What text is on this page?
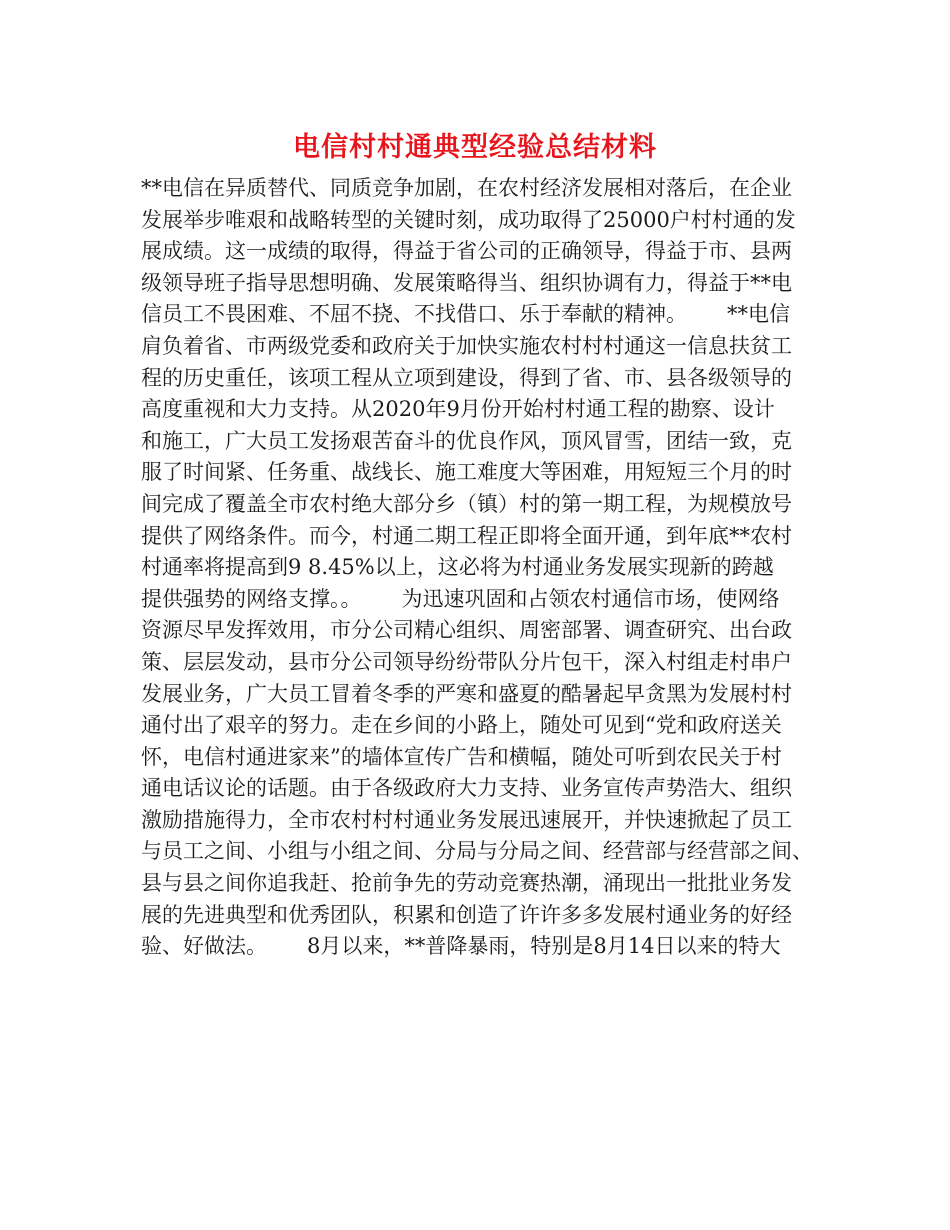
电信村村通典型经验总结材料
**电信在异质替代、同质竞争加剧，在农村经济发展相对落后，在企业
发展举步唯艰和战略转型的关键时刻，成功取得了25000户村村通的发
展成绩。这一成绩的取得，得益于省公司的正确领导，得益于市、县两
级领导班子指导思想明确、发展策略得当、组织协调有力，得益于**电
信员工不畏困难、不屈不挠、不找借口、乐于奉献的精神。      **电信
肩负着省、市两级党委和政府关于加快实施农村村村通这一信息扶贫工
程的历史重任，该项工程从立项到建设，得到了省、市、县各级领导的
高度重视和大力支持。从2020年9月份开始村村通工程的勘察、设计
和施工，广大员工发扬艰苦奋斗的优良作风，顶风冒雪，团结一致，克
服了时间紧、任务重、战线长、施工难度大等困难，用短短三个月的时
间完成了覆盖全市农村绝大部分乡（镇）村的第一期工程，为规模放号
提供了网络条件。而今，村通二期工程正即将全面开通，到年底**农村
村通率将提高到9 8.45%以上，这必将为村通业务发展实现新的跨越
提供强势的网络支撑。。      为迅速巩固和占领农村通信市场，使网络
资源尽早发挥效用，市分公司精心组织、周密部署、调查研究、出台政
策、层层发动，县市分公司领导纷纷带队分片包干，深入村组走村串户
发展业务，广大员工冒着冬季的严寒和盛夏的酷暑起早贪黑为发展村村
通付出了艰辛的努力。走在乡间的小路上，随处可见到“党和政府送关
怀，电信村通进家来”的墙体宣传广告和横幅，随处可听到农民关于村
通电话议论的话题。由于各级政府大力支持、业务宣传声势浩大、组织
激励措施得力，全市农村村村通业务发展迅速展开，并快速掀起了员工
与员工之间、小组与小组之间、分局与分局之间、经营部与经营部之间、
县与县之间你追我赶、抢前争先的劳动竞赛热潮，涌现出一批批业务发
展的先进典型和优秀团队，积累和创造了许许多多发展村通业务的好经
验、好做法。      8月以来，**普降暴雨，特别是8月14日以来的特大
